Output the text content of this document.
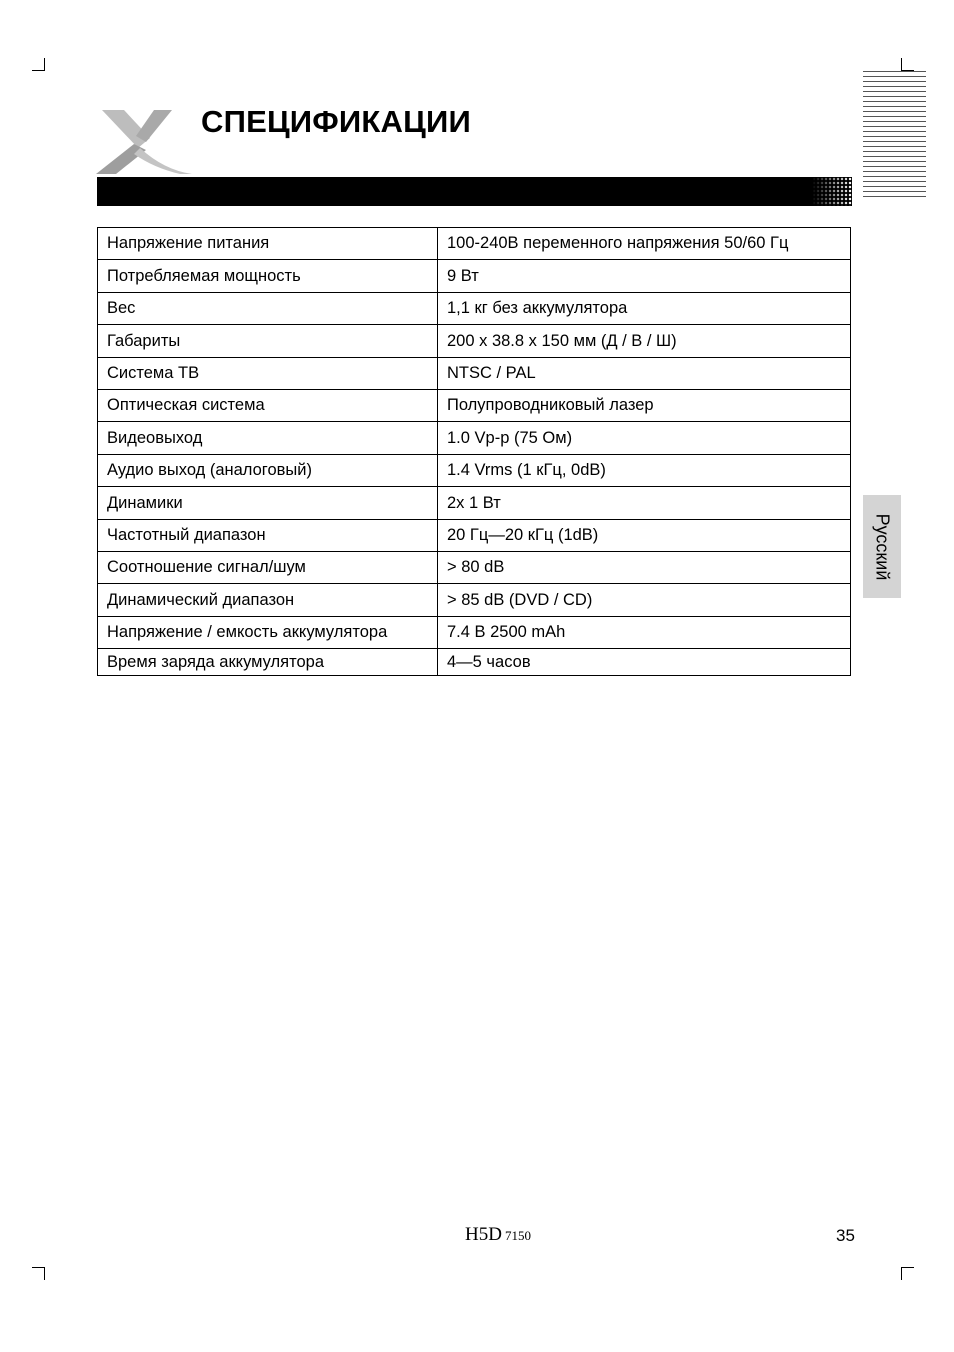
СПЕЦИФИКАЦИИ
Русский
Напряжение питания	100-240В переменного напряжения 50/60 Гц
Потребляемая мощность	9 Вт
Вес	1,1 кг без аккумулятора
Габариты	200 x 38.8 x 150 мм (Д / В / Ш)
Система ТВ	NTSC / PAL
Оптическая система	Полупроводниковый лазер
Видеовыход	1.0 Vp-p (75 Ом)
Аудио выход (аналоговый)	1.4 Vrms (1 кГц, 0dB)
Динамики	2x 1 Вт
Частотный диапазон	20 Гц—20 кГц (1dB)
Соотношение сигнал/шум	> 80 dB
Динамический диапазон	> 85 dB (DVD / CD)
Напряжение / емкость аккумулятора	7.4 В 2500 mAh
Время заряда аккумулятора	4—5 часов
H5D 7150	35
